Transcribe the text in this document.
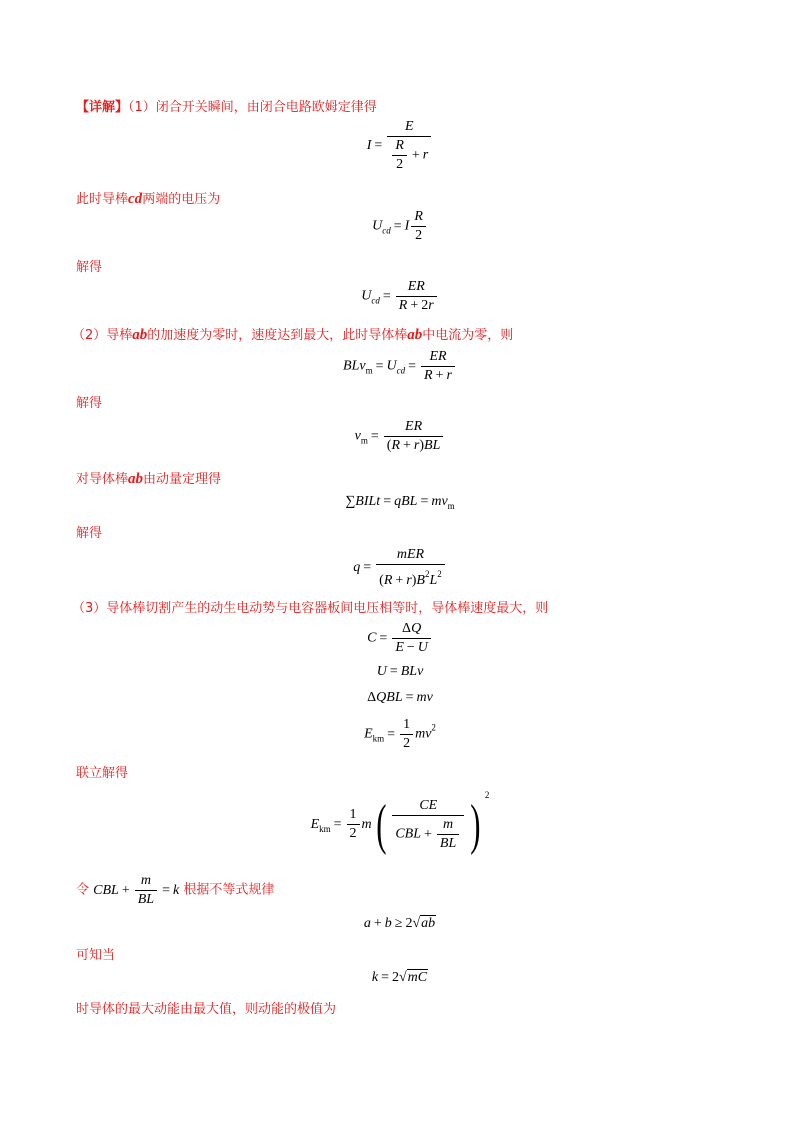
【详解】（1）闭合开关瞬间，由闭合电路欧姆定律得
此时导棒cd两端的电压为
解得
（2）导棒ab的加速度为零时，速度达到最大，此时导体棒ab中电流为零，则
解得
对导体棒ab由动量定理得
解得
（3）导体棒切割产生的动生电动势与电容器板间电压相等时，导体棒速度最大，则
联立解得
令 CBL + $\frac{m}{BL} = k$ 根据不等式规律
可知当
时导体的最大动能由最大值，则动能的极值为
$I = \frac{E}{\frac{R}{2} + r}$
$U_{cd} = I \frac{R}{2}$
$U_{cd} = \frac{ER}{R + 2r}$
$BLv_m = U_{cd} = \frac{ER}{R + r}$
$v_m = \frac{ER}{(R + r)BL}$
∑BILt = qBL = $mv_m$
$q = \frac{\text{mER}}{(R + r)B^2L^2}$
$C = \frac{\Delta Q}{E - U}$
U = BLv
ΔQBL = mv
$E_{km} = \frac{1}{2} mv^2$
$E_{km} = \frac{1}{2} m( \frac{CE}{CBL + \frac{m}{BL}}$ ) $^2$
a + b ≥ 2√ab
k = 2√mC
